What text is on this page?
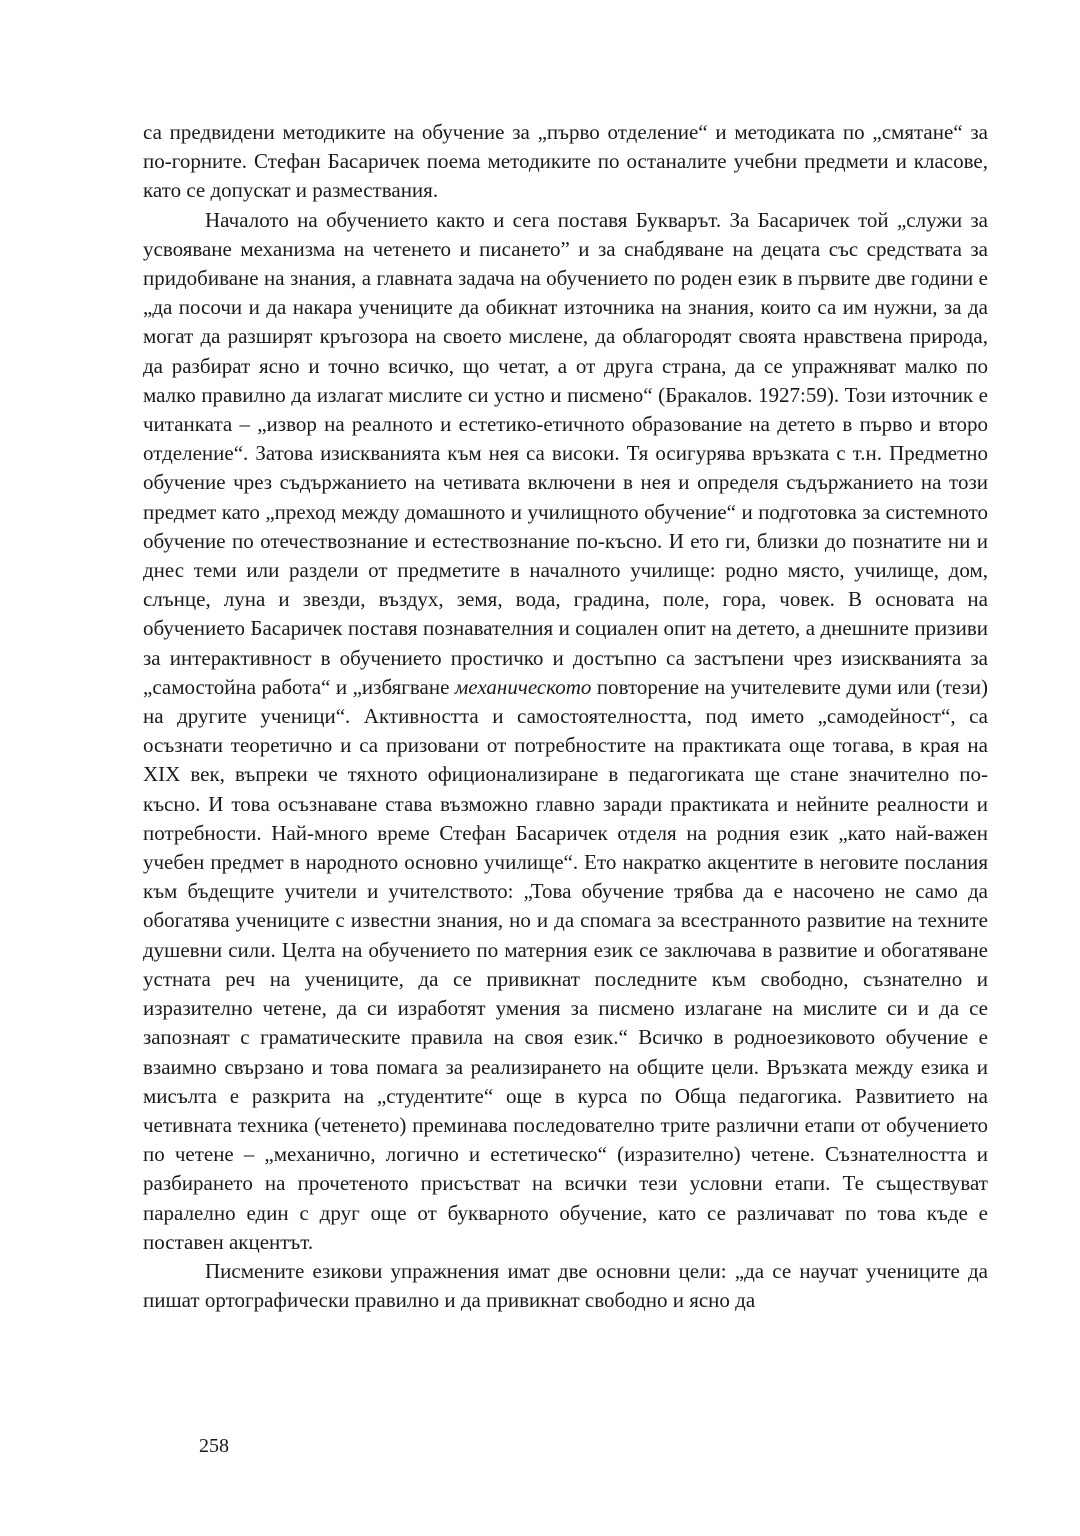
са предвидени методиките на обучение за „първо отделение“ и методиката по „смятане“ за по-горните. Стефан Басаричек поема методиките по останалите учебни предмети и класове, като се допускат и размествания.

Началото на обучението както и сега поставя Букварът. За Басаричек той „служи за усвояване механизма на четенето и писането” и за снабдяване на децата със средствата за придобиване на знания, а главната задача на обучението по роден език в първите две години е „да посочи и да накара учениците да обикнат източника на знания, които са им нужни, за да могат да разширят кръгозора на своето мислене, да облагородят своята нравствена природа, да разбират ясно и точно всичко, що четат, а от друга страна, да се упражняват малко по малко правилно да излагат мислите си устно и писмено“ (Бракалов. 1927:59). Този източник е читанката – „извор на реалното и естетико-етичното образование на детето в първо и второ отделение“. Затова изискванията към нея са високи. Тя осигурява връзката с т.н. Предметно обучение чрез съдържанието на четивата включени в нея и определя съдържанието на този предмет като „преход между домашното и училищното обучение“ и подготовка за системното обучение по отечествознание и естествознание по-късно. И ето ги, близки до познатите ни и днес теми или раздели от предметите в началното училище: родно място, училище, дом, слънце, луна и звезди, въздух, земя, вода, градина, поле, гора, човек. В основата на обучението Басаричек поставя познавателния и социален опит на детето, а днешните призиви за интерактивност в обучението простичко и достъпно са застъпени чрез изискванията за „самостойна работа“ и „избягване механическото повторение на учителевите думи или (тези) на другите ученици“. Активността и самостоятелността, под името „самодейност“, са осъзнати теоретично и са призовани от потребностите на практиката още тогава, в края на XIX век, въпреки че тяхното официонализиране в педагогиката ще стане значително по-късно. И това осъзнаване става възможно главно заради практиката и нейните реалности и потребности. Най-много време Стефан Басаричек отделя на родния език „като най-важен учебен предмет в народното основно училище“. Ето накратко акцентите в неговите послания към бъдещите учители и учителството: „Това обучение трябва да е насочено не само да обогатява учениците с известни знания, но и да спомага за всестранното развитие на техните душевни сили. Целта на обучението по матерния език се заключава в развитие и обогатяване устната реч на учениците, да се привикнат последните към свободно, съзнателно и изразително четене, да си изработят умения за писмено излагане на мислите си и да се запознаят с граматическите правила на своя език.“ Всичко в родноезиковото обучение е взаимно свързано и това помага за реализирането на общите цели. Връзката между езика и мисълта е разкрита на „студентите“ още в курса по Обща педагогика. Развитието на четивната техника (четенето) преминава последователно трите различни етапи от обучението по четене – „механично, логично и естетическо“ (изразително) четене. Съзнателността и разбирането на прочетеното присъстват на всички тези условни етапи. Те съществуват паралелно един с друг още от букварното обучение, като се различават по това къде е поставен акцентът.

Писмените езикови упражнения имат две основни цели: „да се научат учениците да пишат ортографически правилно и да привикнат свободно и ясно да

258
